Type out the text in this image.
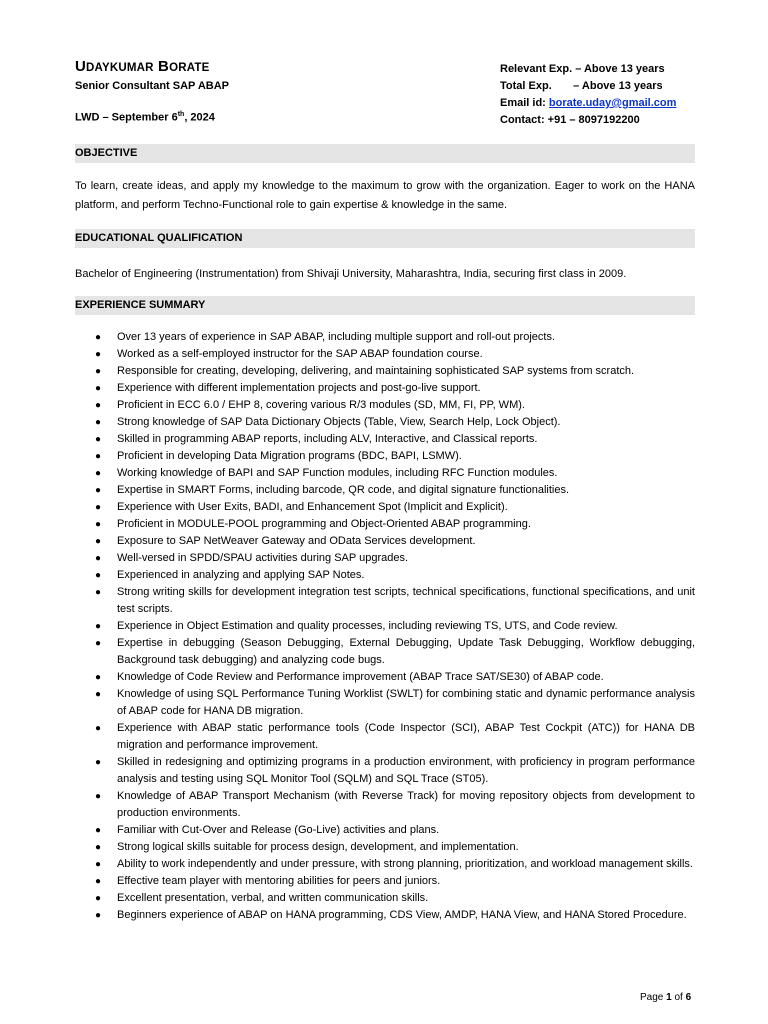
UDAYKUMAR BORATE
Senior Consultant SAP ABAP
LWD – September 6th, 2024
Relevant Exp. – Above 13 years
Total Exp.       – Above 13 years
Email id: borate.uday@gmail.com
Contact: +91 – 8097192200
OBJECTIVE
To learn, create ideas, and apply my knowledge to the maximum to grow with the organization. Eager to work on the HANA platform, and perform Techno-Functional role to gain expertise & knowledge in the same.
EDUCATIONAL QUALIFICATION
Bachelor of Engineering (Instrumentation) from Shivaji University, Maharashtra, India, securing first class in 2009.
EXPERIENCE SUMMARY
● Over 13 years of experience in SAP ABAP, including multiple support and roll-out projects.
● Worked as a self-employed instructor for the SAP ABAP foundation course.
● Responsible for creating, developing, delivering, and maintaining sophisticated SAP systems from scratch.
● Experience with different implementation projects and post-go-live support.
● Proficient in ECC 6.0 / EHP 8, covering various R/3 modules (SD, MM, FI, PP, WM).
● Strong knowledge of SAP Data Dictionary Objects (Table, View, Search Help, Lock Object).
● Skilled in programming ABAP reports, including ALV, Interactive, and Classical reports.
● Proficient in developing Data Migration programs (BDC, BAPI, LSMW).
● Working knowledge of BAPI and SAP Function modules, including RFC Function modules.
● Expertise in SMART Forms, including barcode, QR code, and digital signature functionalities.
● Experience with User Exits, BADI, and Enhancement Spot (Implicit and Explicit).
● Proficient in MODULE-POOL programming and Object-Oriented ABAP programming.
● Exposure to SAP NetWeaver Gateway and OData Services development.
● Well-versed in SPDD/SPAU activities during SAP upgrades.
● Experienced in analyzing and applying SAP Notes.
● Strong writing skills for development integration test scripts, technical specifications, functional specifications, and unit test scripts.
● Experience in Object Estimation and quality processes, including reviewing TS, UTS, and Code review.
● Expertise in debugging (Season Debugging, External Debugging, Update Task Debugging, Workflow debugging, Background task debugging) and analyzing code bugs.
● Knowledge of Code Review and Performance improvement (ABAP Trace SAT/SE30) of ABAP code.
● Knowledge of using SQL Performance Tuning Worklist (SWLT) for combining static and dynamic performance analysis of ABAP code for HANA DB migration.
● Experience with ABAP static performance tools (Code Inspector (SCI), ABAP Test Cockpit (ATC)) for HANA DB migration and performance improvement.
● Skilled in redesigning and optimizing programs in a production environment, with proficiency in program performance analysis and testing using SQL Monitor Tool (SQLM) and SQL Trace (ST05).
● Knowledge of ABAP Transport Mechanism (with Reverse Track) for moving repository objects from development to production environments.
● Familiar with Cut-Over and Release (Go-Live) activities and plans.
● Strong logical skills suitable for process design, development, and implementation.
● Ability to work independently and under pressure, with strong planning, prioritization, and workload management skills.
● Effective team player with mentoring abilities for peers and juniors.
● Excellent presentation, verbal, and written communication skills.
● Beginners experience of ABAP on HANA programming, CDS View, AMDP, HANA View, and HANA Stored Procedure.
Page 1 of 6
